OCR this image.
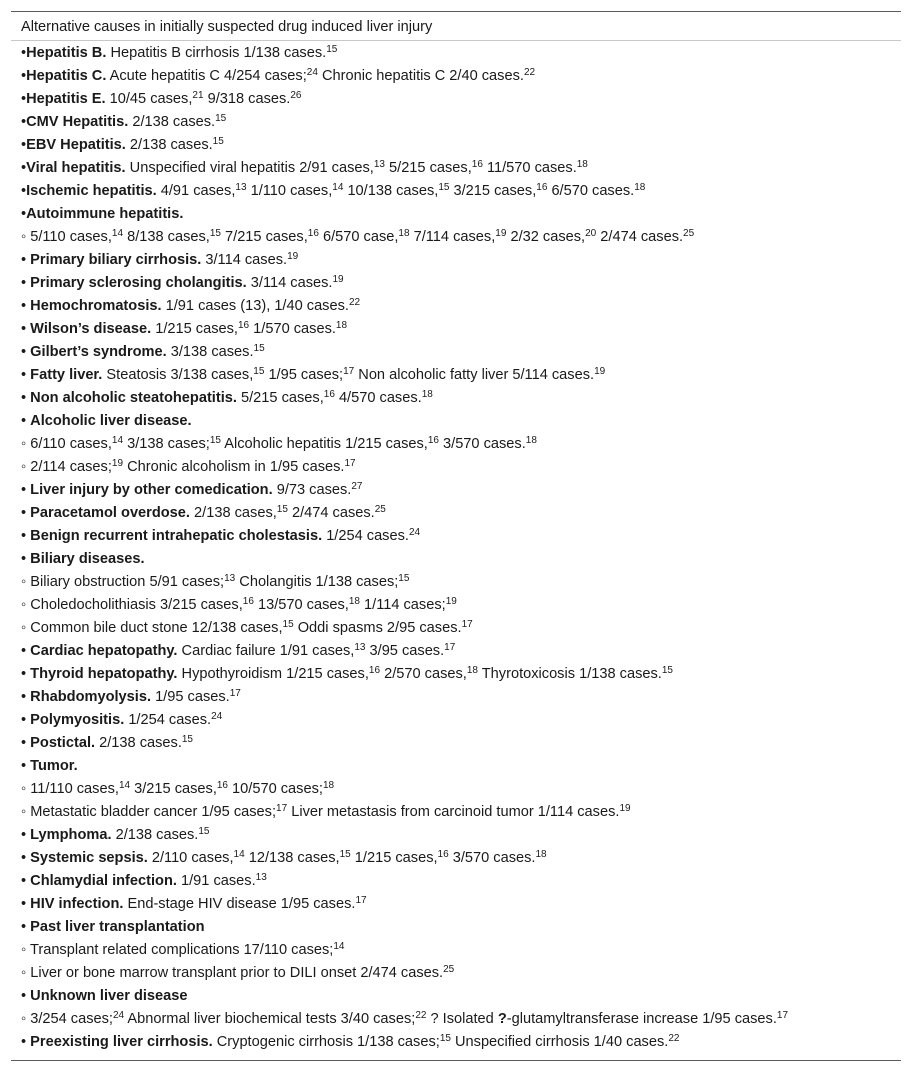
Alternative causes in initially suspected drug induced liver injury
•Hepatitis B. Hepatitis B cirrhosis 1/138 cases.$^{15}$
•Hepatitis C. Acute hepatitis C 4/254 cases;$^{24}$ Chronic hepatitis C 2/40 cases.$^{22}$
•Hepatitis E. 10/45 cases,$^{21}$ 9/318 cases.$^{26}$
•CMV Hepatitis. 2/138 cases.$^{15}$
•EBV Hepatitis. 2/138 cases.$^{15}$
•Viral hepatitis. Unspecified viral hepatitis 2/91 cases,$^{13}$ 5/215 cases,$^{16}$ 11/570 cases.$^{18}$
•Ischemic hepatitis. 4/91 cases,$^{13}$ 1/110 cases,$^{14}$ 10/138 cases,$^{15}$ 3/215 cases,$^{16}$ 6/570 cases.$^{18}$
•Autoimmune hepatitis.
◦ 5/110 cases,$^{14}$ 8/138 cases,$^{15}$ 7/215 cases,$^{16}$ 6/570 case,$^{18}$ 7/114 cases,$^{19}$ 2/32 cases,$^{20}$ 2/474 cases.$^{25}$
• Primary biliary cirrhosis. 3/114 cases.$^{19}$
• Primary sclerosing cholangitis. 3/114 cases.$^{19}$
• Hemochromatosis. 1/91 cases (13), 1/40 cases.$^{22}$
• Wilson’s disease. 1/215 cases,$^{16}$ 1/570 cases.$^{18}$
• Gilbert’s syndrome. 3/138 cases.$^{15}$
• Fatty liver. Steatosis 3/138 cases,$^{15}$ 1/95 cases;$^{17}$ Non alcoholic fatty liver 5/114 cases.$^{19}$
• Non alcoholic steatohepatitis. 5/215 cases,$^{16}$ 4/570 cases.$^{18}$
• Alcoholic liver disease.
◦ 6/110 cases,$^{14}$ 3/138 cases;$^{15}$ Alcoholic hepatitis 1/215 cases,$^{16}$ 3/570 cases.$^{18}$
◦ 2/114 cases;$^{19}$ Chronic alcoholism in 1/95 cases.$^{17}$
• Liver injury by other comedication. 9/73 cases.$^{27}$
• Paracetamol overdose. 2/138 cases,$^{15}$ 2/474 cases.$^{25}$
• Benign recurrent intrahepatic cholestasis. 1/254 cases.$^{24}$
• Biliary diseases.
◦ Biliary obstruction 5/91 cases;$^{13}$ Cholangitis 1/138 cases;$^{15}$
◦ Choledocholithiasis 3/215 cases,$^{16}$ 13/570 cases,$^{18}$ 1/114 cases;$^{19}$
◦ Common bile duct stone 12/138 cases,$^{15}$ Oddi spasms 2/95 cases.$^{17}$
• Cardiac hepatopathy. Cardiac failure 1/91 cases,$^{13}$ 3/95 cases.$^{17}$
• Thyroid hepatopathy. Hypothyroidism 1/215 cases,$^{16}$ 2/570 cases,$^{18}$ Thyrotoxicosis 1/138 cases.$^{15}$
• Rhabdomyolysis. 1/95 cases.$^{17}$
• Polymyositis. 1/254 cases.$^{24}$
• Postictal. 2/138 cases.$^{15}$
• Tumor.
◦ 11/110 cases,$^{14}$ 3/215 cases,$^{16}$ 10/570 cases;$^{18}$
◦ Metastatic bladder cancer 1/95 cases;$^{17}$ Liver metastasis from carcinoid tumor 1/114 cases.$^{19}$
• Lymphoma. 2/138 cases.$^{15}$
• Systemic sepsis. 2/110 cases,$^{14}$ 12/138 cases,$^{15}$ 1/215 cases,$^{16}$ 3/570 cases.$^{18}$
• Chlamydial infection. 1/91 cases.$^{13}$
• HIV infection. End-stage HIV disease 1/95 cases.$^{17}$
• Past liver transplantation
◦ Transplant related complications 17/110 cases;$^{14}$
◦ Liver or bone marrow transplant prior to DILI onset 2/474 cases.$^{25}$
• Unknown liver disease
◦ 3/254 cases;$^{24}$ Abnormal liver biochemical tests 3/40 cases;$^{22}$ ? Isolated ?-glutamyltransferase increase 1/95 cases.$^{17}$
• Preexisting liver cirrhosis. Cryptogenic cirrhosis 1/138 cases;$^{15}$ Unspecified cirrhosis 1/40 cases.$^{22}$
